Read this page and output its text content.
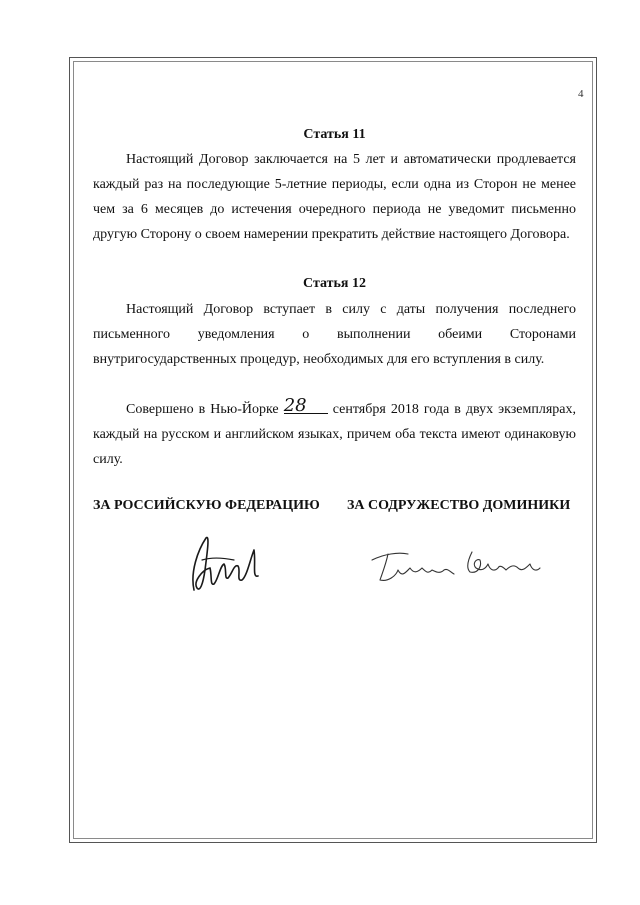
4
Статья 11
Настоящий Договор заключается на 5 лет и автоматически продлевается каждый раз на последующие 5-летние периоды, если одна из Сторон не менее чем за 6 месяцев до истечения очередного периода не уведомит письменно другую Сторону о своем намерении прекратить действие настоящего Договора.
Статья 12
Настоящий Договор вступает в силу с даты получения последнего письменного уведомления о выполнении обеими Сторонами внутригосударственных процедур, необходимых для его вступления в силу.
Совершено в Нью-Йорке 28 сентября 2018 года в двух экземплярах, каждый на русском и английском языках, причем оба текста имеют одинаковую силу.
ЗА РОССИЙСКУЮ ФЕДЕРАЦИЮ ЗА СОДРУЖЕСТВО ДОМИНИКИ
